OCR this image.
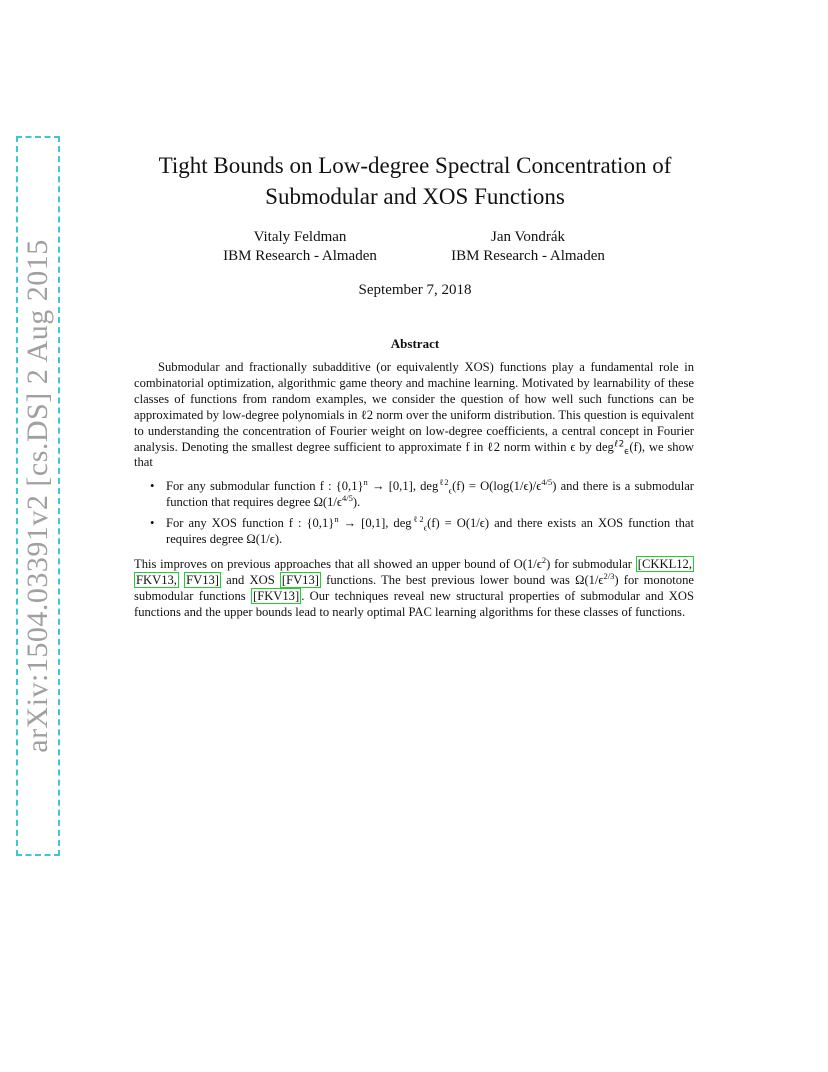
arXiv:1504.03391v2 [cs.DS] 2 Aug 2015
Tight Bounds on Low-degree Spectral Concentration of
Submodular and XOS Functions
Vitaly Feldman
IBM Research - Almaden
Jan Vondrák
IBM Research - Almaden
September 7, 2018
Abstract

Submodular and fractionally subadditive (or equivalently XOS) functions play a fundamental role in combinatorial optimization, algorithmic game theory and machine learning. Motivated by learnability of these classes of functions from random examples, we consider the question of how well such functions can be approximated by low-degree polynomials in ℓ2 norm over the uniform distribution. This question is equivalent to understanding the concentration of Fourier weight on low-degree coefficients, a central concept in Fourier analysis. Denoting the smallest degree sufficient to approximate f in ℓ2 norm within ϵ by deg$^{\ell 2}_\epsilon$(f), we show that

• For any submodular function f : $\{0,1\}^n \to [0,1]$, $deg^{\ell 2}_\epsilon(f) = O(\log(1/\epsilon)/\epsilon^{4/5})$ and there is a submodular function that requires degree $\Omega(1/\epsilon^{4/5})$.
• For any XOS function f : $\{0,1\}^n \to [0,1]$, deg$^{\ell 2}_\epsilon$(f) = O(1/ϵ) and there exists an XOS function that requires degree Ω(1/ϵ).

This improves on previous approaches that all showed an upper bound of $O(1/\epsilon^2)$ for submodular [CKKL12, FKV13, FV13] and XOS [FV13] functions. The best previous lower bound was $\Omega(1/\epsilon^{2/3})$ for monotone submodular functions [FKV13] . Our techniques reveal new structural properties of submodular and XOS functions and the upper bounds lead to nearly optimal PAC learning algorithms for these classes of functions.
